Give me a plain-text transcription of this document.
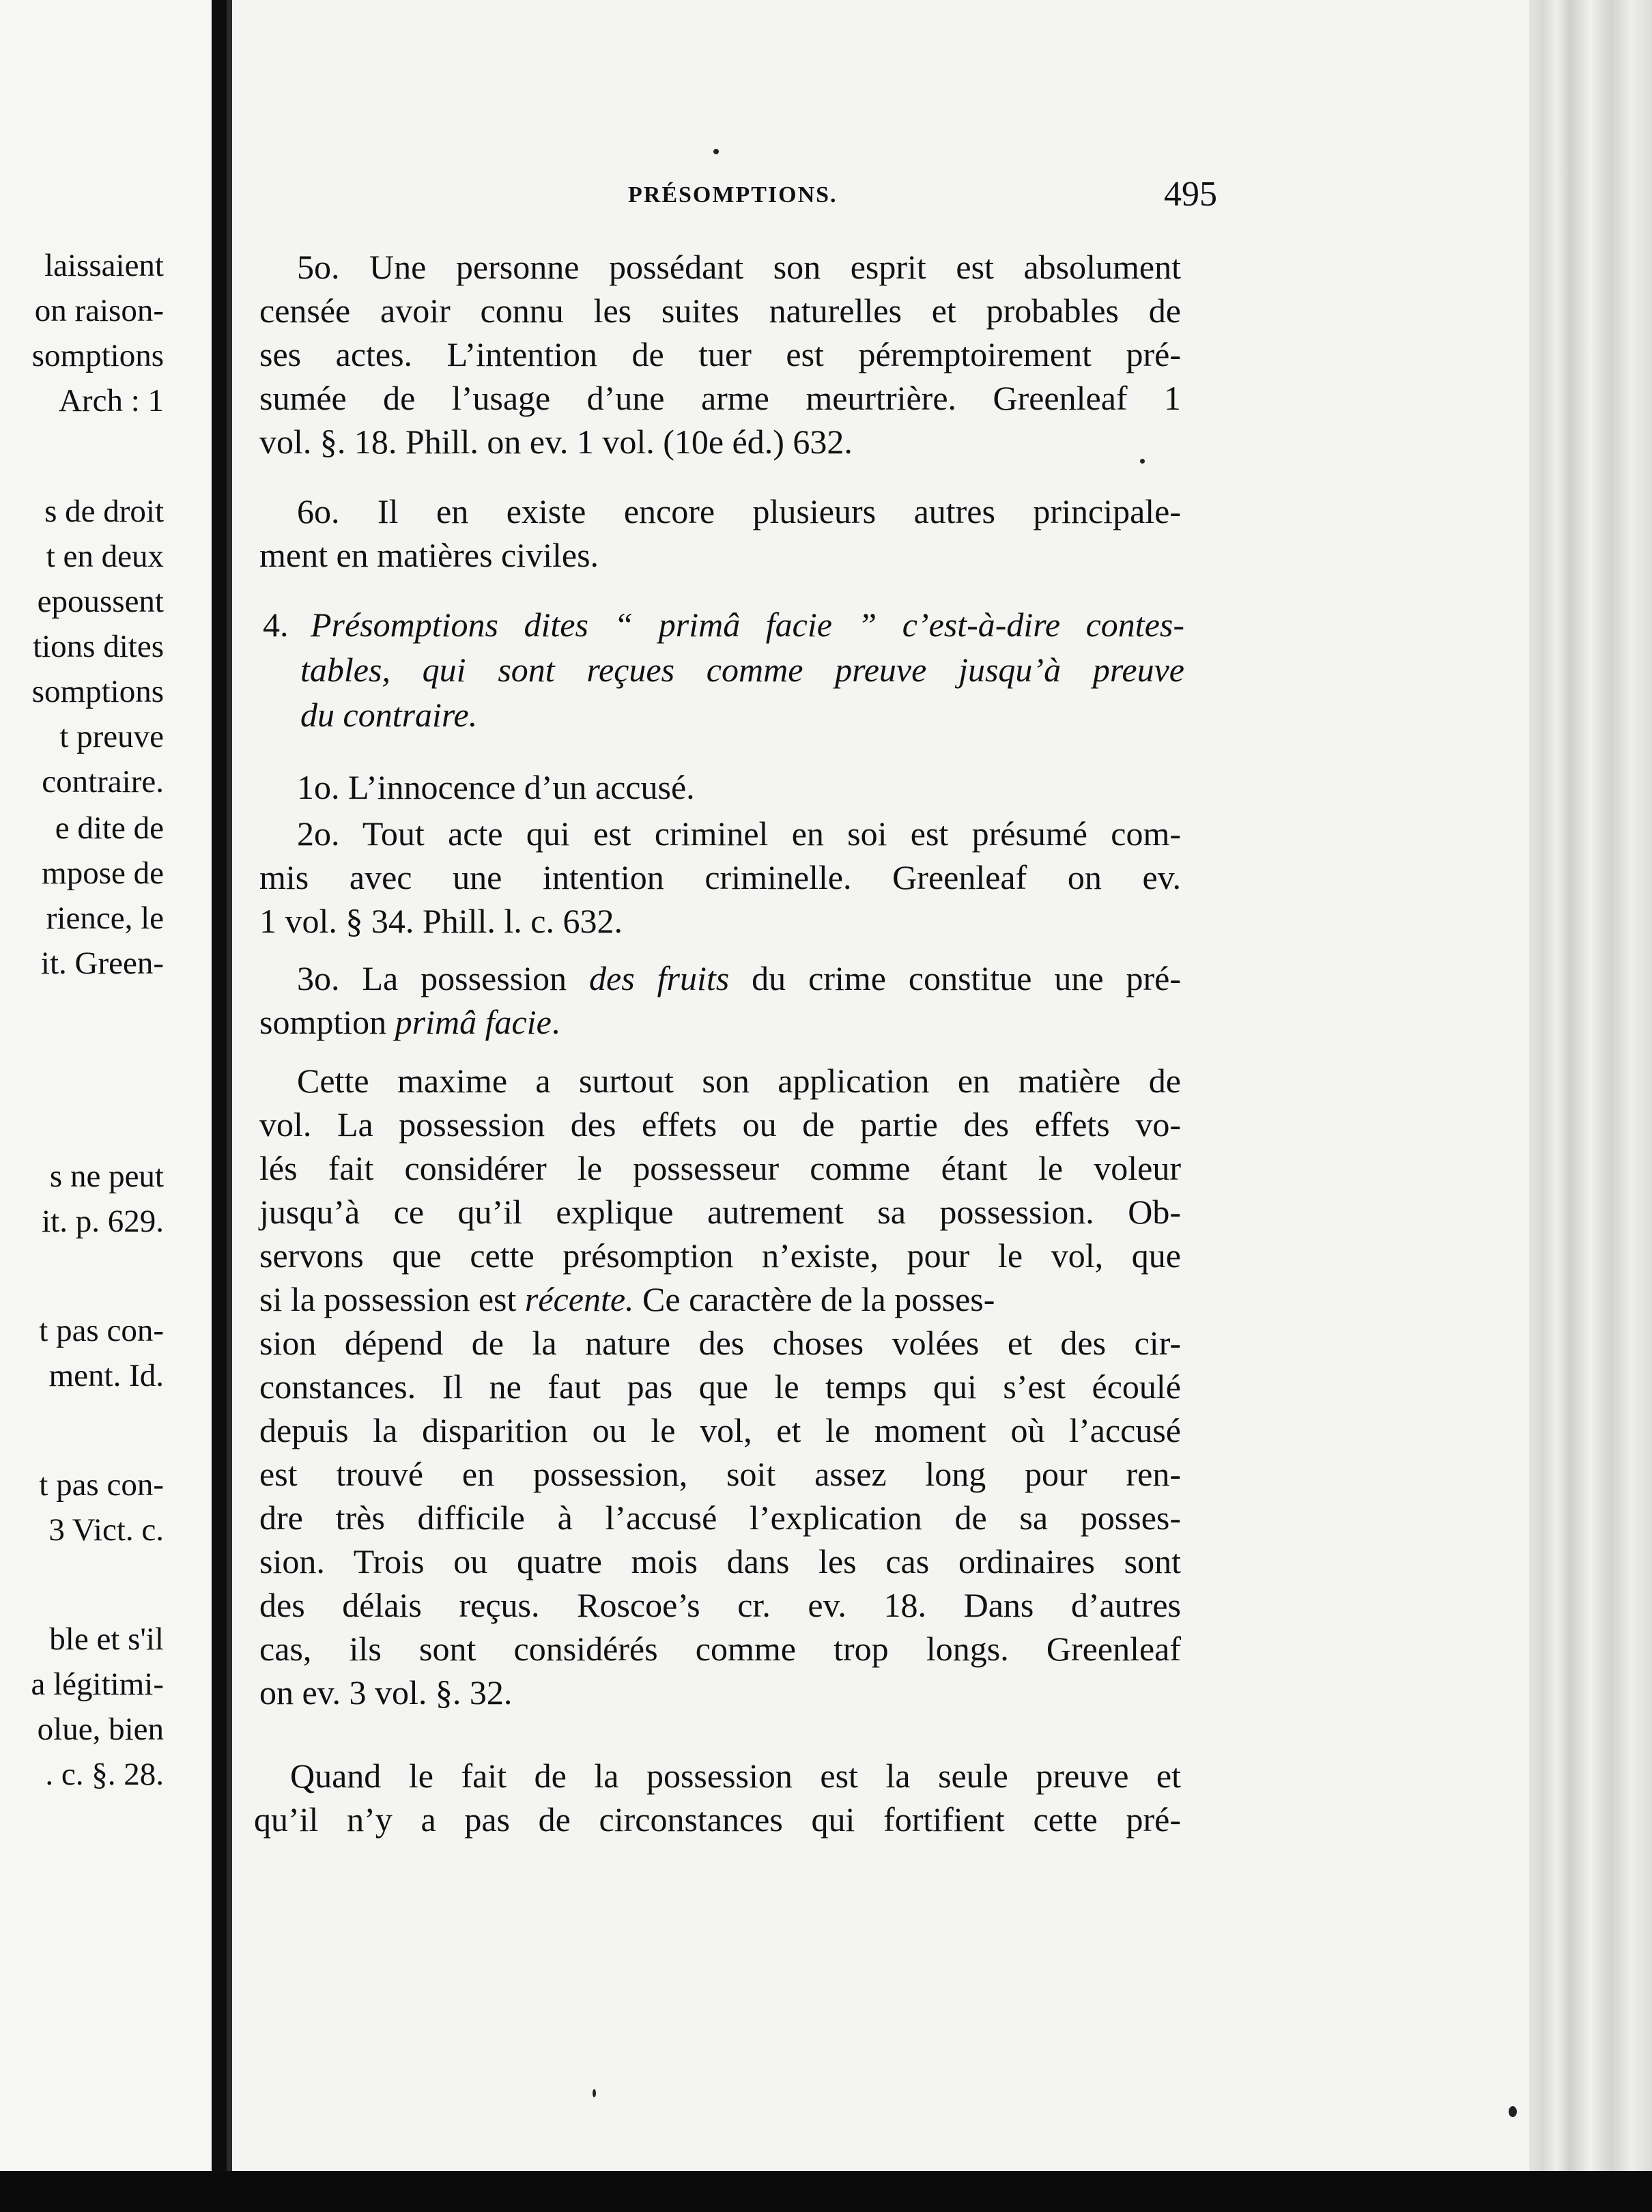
laissaient
on raison-
somptions
Arch : 1
s de droit
t en deux
epoussent
tions dites
somptions
t preuve
contraire.
e dite de
mpose de
rience, le
it. Green-
s ne peut
it. p. 629.
t pas con-
ment. Id.
t pas con-
3 Vict. c.
ble et s'il
a légitimi-
olue, bien
. c. §. 28.
PRÉSOMPTIONS.	495
5o. Une personne possédant son esprit est absolument
censée avoir connu les suites naturelles et probables de
ses actes. L’intention de tuer est péremptoirement pré-
sumée de l’usage d’une arme meurtrière. Greenleaf 1
vol. §. 18. Phill. on ev. 1 vol. (10e éd.) 632.
6o. Il en existe encore plusieurs autres principale-
ment en matières civiles.
4. Présomptions dites “ primâ facie ” c’est-à-dire contes-
tables, qui sont reçues comme preuve jusqu’à preuve
du contraire.
1o. L’innocence d’un accusé.
2o. Tout acte qui est criminel en soi est présumé com-
mis avec une intention criminelle. Greenleaf on ev.
1 vol. § 34. Phill. l. c. 632.
3o. La possession des fruits du crime constitue une pré-
somption primâ facie.
Cette maxime a surtout son application en matière de
vol. La possession des effets ou de partie des effets vo-
lés fait considérer le possesseur comme étant le voleur
jusqu’à ce qu’il explique autrement sa possession. Ob-
servons que cette présomption n’existe, pour le vol, que
si la possession est récente. Ce caractère de la posses-
sion dépend de la nature des choses volées et des cir-
constances. Il ne faut pas que le temps qui s’est écoulé
depuis la disparition ou le vol, et le moment où l’accusé
est trouvé en possession, soit assez long pour ren-
dre très difficile à l’accusé l’explication de sa posses-
sion. Trois ou quatre mois dans les cas ordinaires sont
des délais reçus. Roscoe’s cr. ev. 18. Dans d’autres
cas, ils sont considérés comme trop longs. Greenleaf
on ev. 3 vol. §. 32.
Quand le fait de la possession est la seule preuve et
qu’il n’y a pas de circonstances qui fortifient cette pré-
